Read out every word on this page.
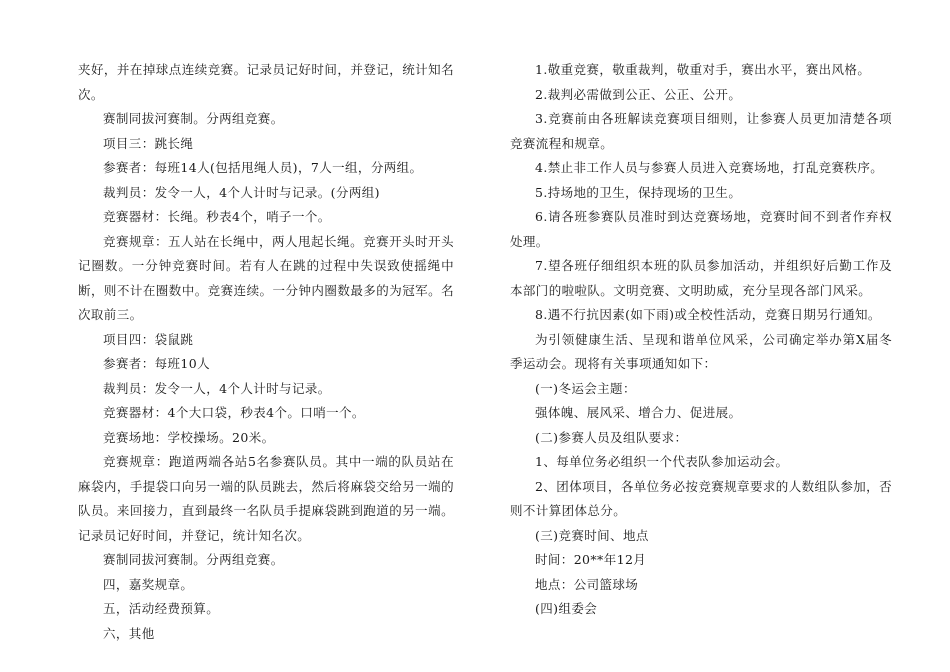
夹好，并在掉球点连续竞赛。记录员记好时间，并登记，统计知名次。

赛制同拔河赛制。分两组竞赛。

项目三：跳长绳

参赛者：每班14人(包括甩绳人员)，7人一组，分两组。

裁判员：发令一人，4个人计时与记录。(分两组)

竞赛器材：长绳。秒表4个，哨子一个。

竞赛规章：五人站在长绳中，两人甩起长绳。竞赛开头时开头记圈数。一分钟竞赛时间。若有人在跳的过程中失误致使摇绳中断，则不计在圈数中。竞赛连续。一分钟内圈数最多的为冠军。名次取前三。

项目四：袋鼠跳

参赛者：每班10人

裁判员：发令一人，4个人计时与记录。

竞赛器材：4个大口袋，秒表4个。口哨一个。

竞赛场地：学校操场。20米。

竞赛规章：跑道两端各站5名参赛队员。其中一端的队员站在麻袋内，手提袋口向另一端的队员跳去，然后将麻袋交给另一端的队员。来回接力，直到最终一名队员手提麻袋跳到跑道的另一端。记录员记好时间，并登记，统计知名次。

赛制同拔河赛制。分两组竞赛。

四，嘉奖规章。

五，活动经费预算。

六，其他

1.敬重竞赛，敬重裁判，敬重对手，赛出水平，赛出风格。

2.裁判必需做到公正、公正、公开。

3.竞赛前由各班解读竞赛项目细则，让参赛人员更加清楚各项竞赛流程和规章。

4.禁止非工作人员与参赛人员进入竞赛场地，打乱竞赛秩序。

5.持场地的卫生，保持现场的卫生。

6.请各班参赛队员准时到达竞赛场地，竞赛时间不到者作弃权处理。

7.望各班仔细组织本班的队员参加活动，并组织好后勤工作及本部门的啦啦队。文明竞赛、文明助威，充分呈现各部门风采。

8.遇不行抗因素(如下雨)或全校性活动，竞赛日期另行通知。

为引领健康生活、呈现和谐单位风采，公司确定举办第X届冬季运动会。现将有关事项通知如下：

(一)冬运会主题：

强体魄、展风采、增合力、促进展。

(二)参赛人员及组队要求：

1、每单位务必组织一个代表队参加运动会。

2、团体项目，各单位务必按竞赛规章要求的人数组队参加，否则不计算团体总分。

(三)竞赛时间、地点

时间：20**年12月

地点：公司篮球场

(四)组委会
